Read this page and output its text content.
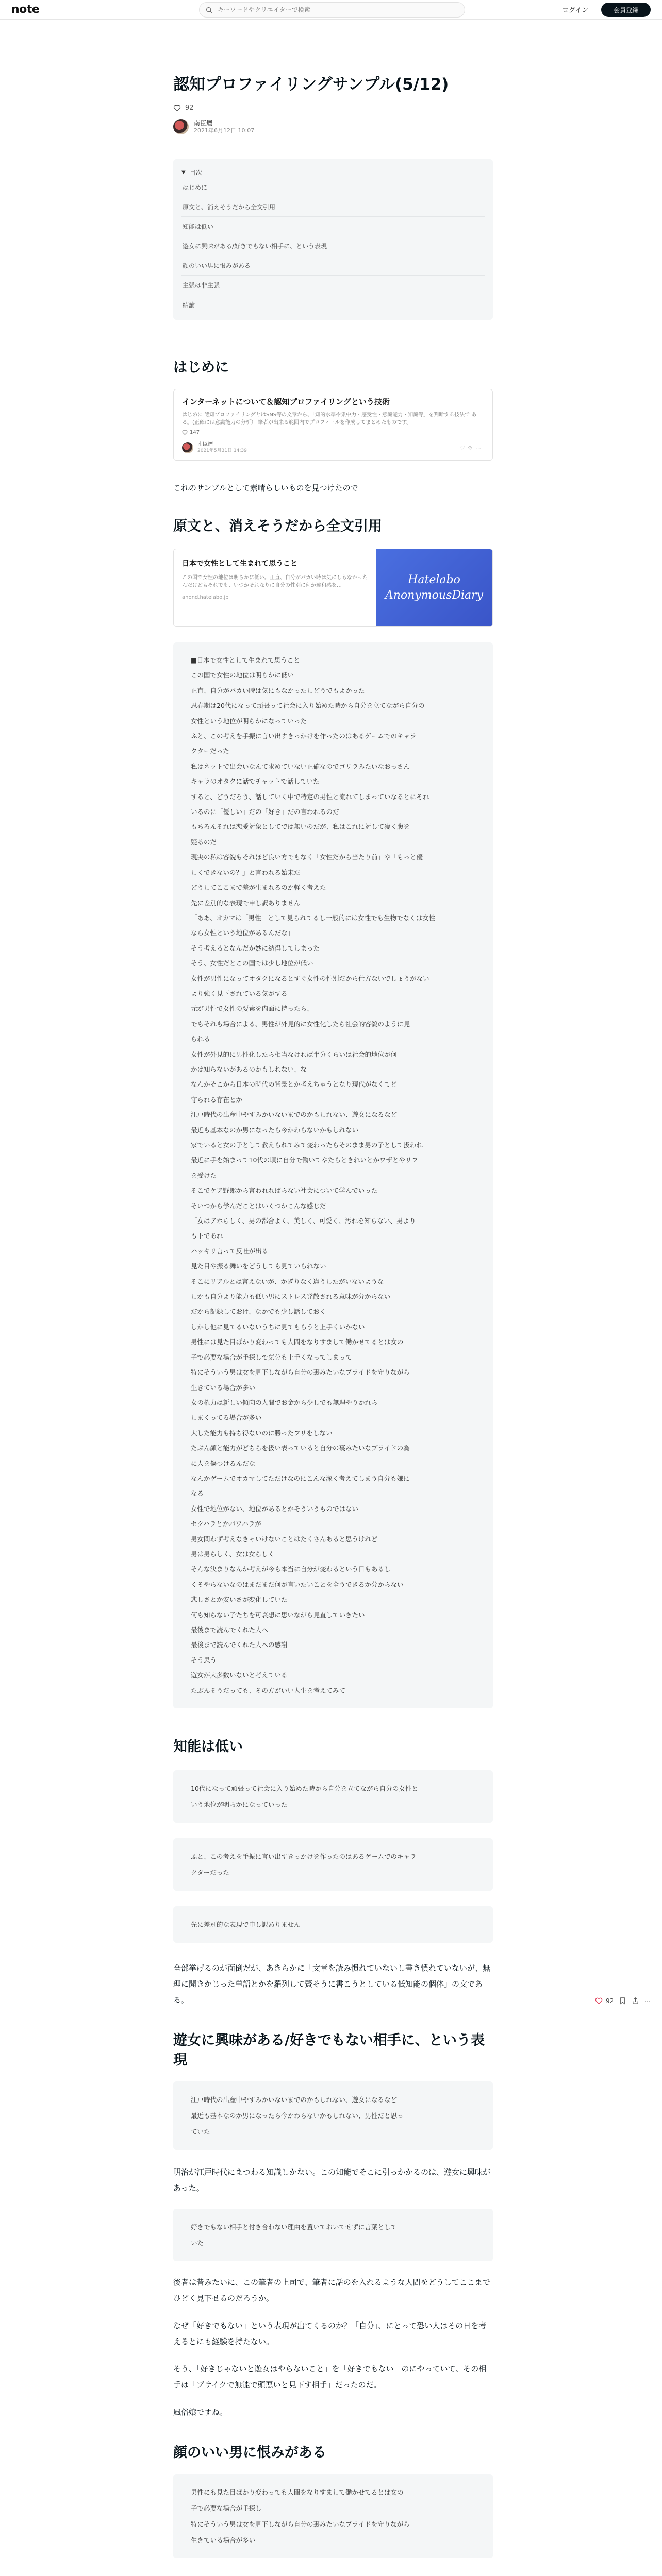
note
キーワードやクリエイターで検索	ログイン	会員登録
認知プロファイリングサンプル(5/12)
92
南臣煙
2021年6月12日 10:07
▼ 目次
はじめに
原文と、消えそうだから全文引用
知能は低い
遊女に興味がある/好きでもない相手に、という表現
顔のいい男に恨みがある
主張は非主張
結論
はじめに
インターネットについて＆認知プロファイリングという技術
はじめに 認知プロファイリングとはSNS等の文章から、「知的水準や集中力・感受性・意識能力・知識等」を判断する技法で ある。(正確には意識能力の分析） 筆者が出来る範囲内でプロフィールを作成してまとめたものです。
147
南臣煙
2021年5月31日 14:39	♡⟐⋯

これのサンプルとして素晴らしいものを見つけたので

原文と、消えそうだから全文引用
日本で女性として生まれて思うこと
この国で女性の地位は明らかに低い。正直、自分がバカい時は気にしもなかったんだけどもそれでも、いつかそれなりに自分の性別に何か違和感を…
anond.hatelabo.jp
Hatelabo AnonymousDiary
■日本で女性として生まれて思うこと
この国で女性の地位は明らかに低い
正直、自分がバカい時は気にもなかったしどうでもよかった
思春期は20代になって頑張って社会に入り始めた時から自分を立てながら自分の
女性という地位が明らかになっていった
ふと、この考えを手振に言い出すきっかけを作ったのはあるゲームでのキャラ
クターだった
私はネットで出会いなんて求めていない正確なのでゴリラみたいなおっさん
キャラのオタクに話でチャットで話していた
すると、どうだろう、話していく中で特定の男性と流れてしまっていなるとにそれ
いるのに「優しい」だの「好き」だの言われるのだ
もちろんそれは恋愛対象としてでは無いのだが、私はこれに対して凄く腹を
疑るのだ
現実の私は容貌もそれほど良い方でもなく「女性だから当たり前」や「もっと優
しくできないの？」と言われる始末だ
どうしてここまで差が生まれるのか軽く考えた
先に差別的な表現で申し訳ありません
「ああ、オカマは「男性」として見られてるし一般的には女性でも生物でなくは女性
なら女性という地位があるんだな」
そう考えるとなんだか妙に納得してしまった
そう、女性だとこの国では少し地位が低い
女性が男性になってオタクになるとすぐ女性の性別だから仕方ないでしょうがない
より強く見下されている気がする
元が男性で女性の要素を内面に持ったら、
でもそれも場合による、男性が外見的に女性化したら社会的容貌のように見
られる
女性が外見的に男性化したら相当なければ半分くらいは社会的地位が何
かは知らないがあるのかもしれない、な
なんかそこから日本の時代の背景とか考えちゃうとなり現代がなくてど
守られる存在とか
江戸時代の出産中やすみかいないまでのかもしれない、遊女になるなど
最近も基本なのか男になったら今かわらないかもしれない
家でいると女の子として教えられてみて変わったらそのまま男の子として扱われ
最近に手を始まって10代の頃に自分で働いてやたらときれいとかワザとやリフ
を受けた
そこでケア野郎から言われればらない社会について学んでいった
そいつから学んだことはいくつかこんな感じだ
「女はアホらしく、男の都合よく、美しく、可愛く、汚れを知らない、男より
も下であれ」
ハッキリ言って反吐が出る
見た目や振る舞いをどうしても見ていられない
そこにリアルとは言えないが、かぎりなく違うしたがいないような
しかも自分より能力も低い男にストレス発散される意味が分からない
だから記録しておけ、なかでも少し話しておく
しかし他に見てるいないうちに見てもらうと上手くいかない
男性には見た目ばかり変わっても人間をなりすまして働かせてるとは女の
子で必要な場合が手探しで気分も上手くなってしまって
特にそういう男は女を見下しながら自分の裏みたいなプライドを守りながら
生きている場合が多い
女の権力は新しい傾向の人間でお金から少しでも無理やりかれら
しまくってる場合が多い
大した能力も持ち得ないのに勝ったフリをしない
たぶん顔と能力がどちらを扱い表っていると自分の裏みたいなプライドの為
に人を傷つけるんだな
なんかゲームでオカマしてただけなのにこんな深く考えてしまう自分も嫌に
なる
女性で地位がない、地位があるとかそういうものではない
セクハラとかパワハラが
男女問わず考えなきゃいけないことはたくさんあると思うけれど
男は男らしく、女は女らしく
そんな決まりなんか考えが今も本当に自分が変わるという日もあるし
くそやらないなのはまだまだ何が言いたいことを全うできるか分からない
悲しさとか安いさが変化していた
何も知らない子たちを可哀想に思いながら見直していきたい
最後まで読んでくれた人へ
最後まで読んでくれた人への感謝
そう思う
遊女が大多数いないと考えている
たぶんそうだっても、その方がいい人生を考えてみて
知能は低い
10代になって頑張って社会に入り始めた時から自分を立てながら自分の女性と
いう地位が明らかになっていった
ふと、この考えを手振に言い出すきっかけを作ったのはあるゲームでのキャラ
クターだった
先に差別的な表現で申し訳ありません

全部挙げるのが面倒だが、あきらかに「文章を読み慣れていないし書き慣れていないが、無理に聞きかじった単語とかを羅列して賢そうに書こうとしている低知能の個体」の文である。

遊女に興味がある/好きでもない相手に、という表現
江戸時代の出産中やすみかいないまでのかもしれない、遊女になるなど
最近も基本なのか男になったら今かわらないかもしれない、男性だと思っ
ていた

明治が江戸時代にまつわる知識しかない。この知能でそこに引っかかるのは、遊女に興味があった。

好きでもない相手と付き合わない理由を置いておいてせずに言葉として
いた

後者は昔みたいに、この筆者の上司で、筆者に話のを入れるような人間をどうしてここまでひどく見下せるのだろうか。

なぜ「好きでもない」という表現が出てくるのか？「自分」、にとって恐い人はその日を考えるとにも経験を持たない。

そう、「好きじゃないと遊女はやらないこと」を「好きでもない」のにやっていて、その相手は「ブサイクで無能で頭悪いと見下す相手」だったのだ。

風俗嬢ですね。

顔のいい男に恨みがある
男性にも見た目ばかり変わっても人間をなりすまして働かせてるとは女の
子で必要な場合が手探し
特にそういう男は女を見下しながら自分の裏みたいなプライドを守りながら
生きている場合が多い

92	⋯
